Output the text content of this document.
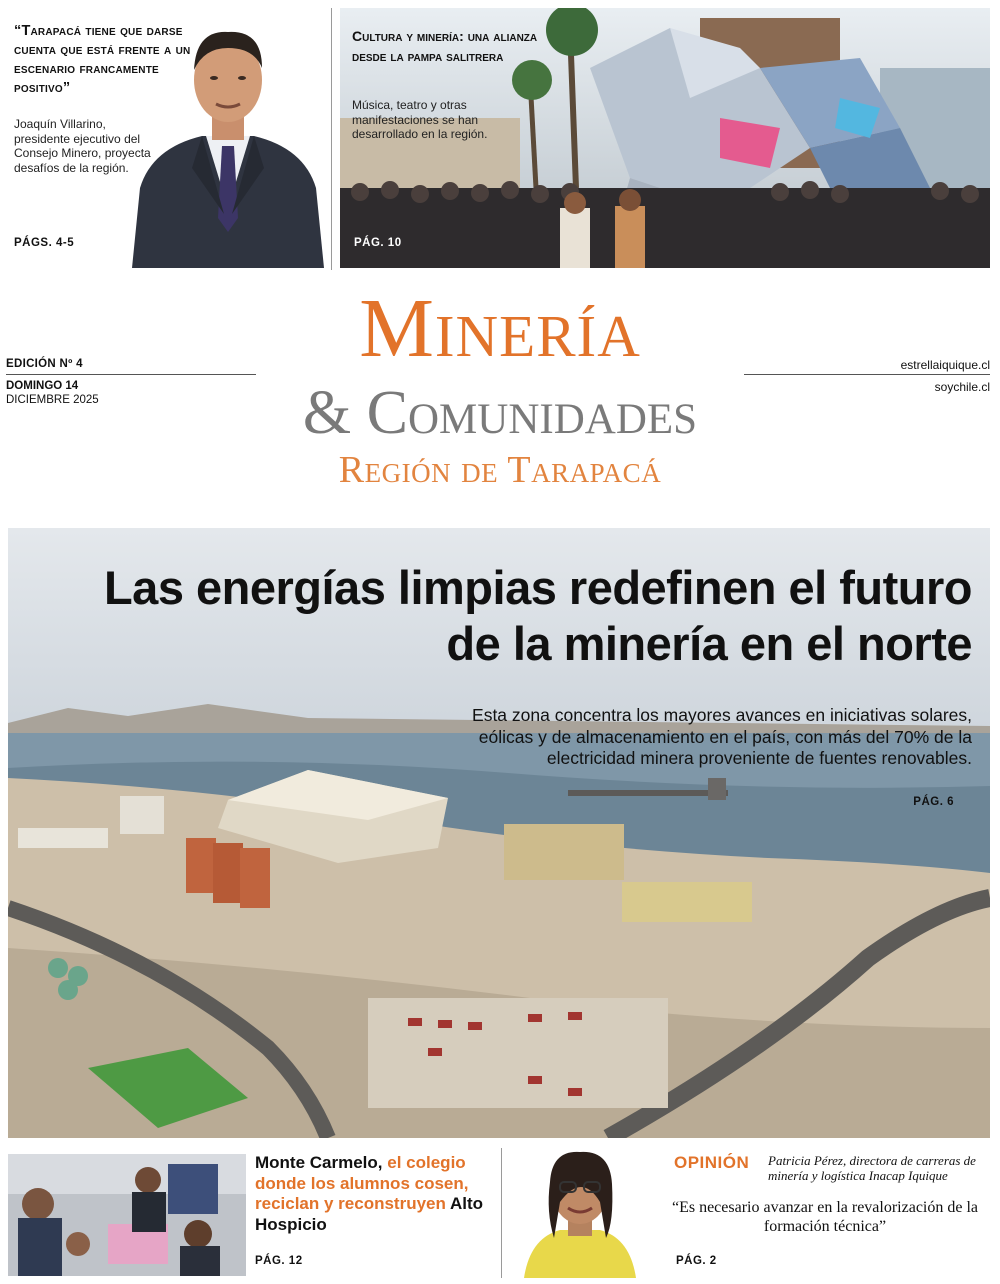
“Tarapacá tiene que darse cuenta que está frente a un escenario francamente positivo”
Joaquín Villarino, presidente ejecutivo del Consejo Minero, proyecta desafíos de la región.
PÁGS. 4-5	PÁG. 10
Cultura y minería: una alianza desde la pampa salitrera
Música, teatro y otras manifestaciones se han desarrollado en la región.
EDICIÓN Nº 4
DOMINGO 14
DICIEMBRE 2025
estrellaiquique.cl
soychile.cl
Minería
& Comunidades
Región de Tarapacá
Las energías limpias redefinen el futuro de la minería en el norte
Esta zona concentra los mayores avances en iniciativas solares, eólicas y de almacenamiento en el país, con más del 70% de la electricidad minera proveniente de fuentes renovables.
PÁG. 6
Monte Carmelo, el colegio donde los alumnos cosen, reciclan y reconstruyen Alto Hospicio
PÁG. 12
OPINIÓN Patricia Pérez, directora de carreras de minería y logística Inacap Iquique
“Es necesario avanzar en la revalorización de la formación técnica”
PÁG. 2
